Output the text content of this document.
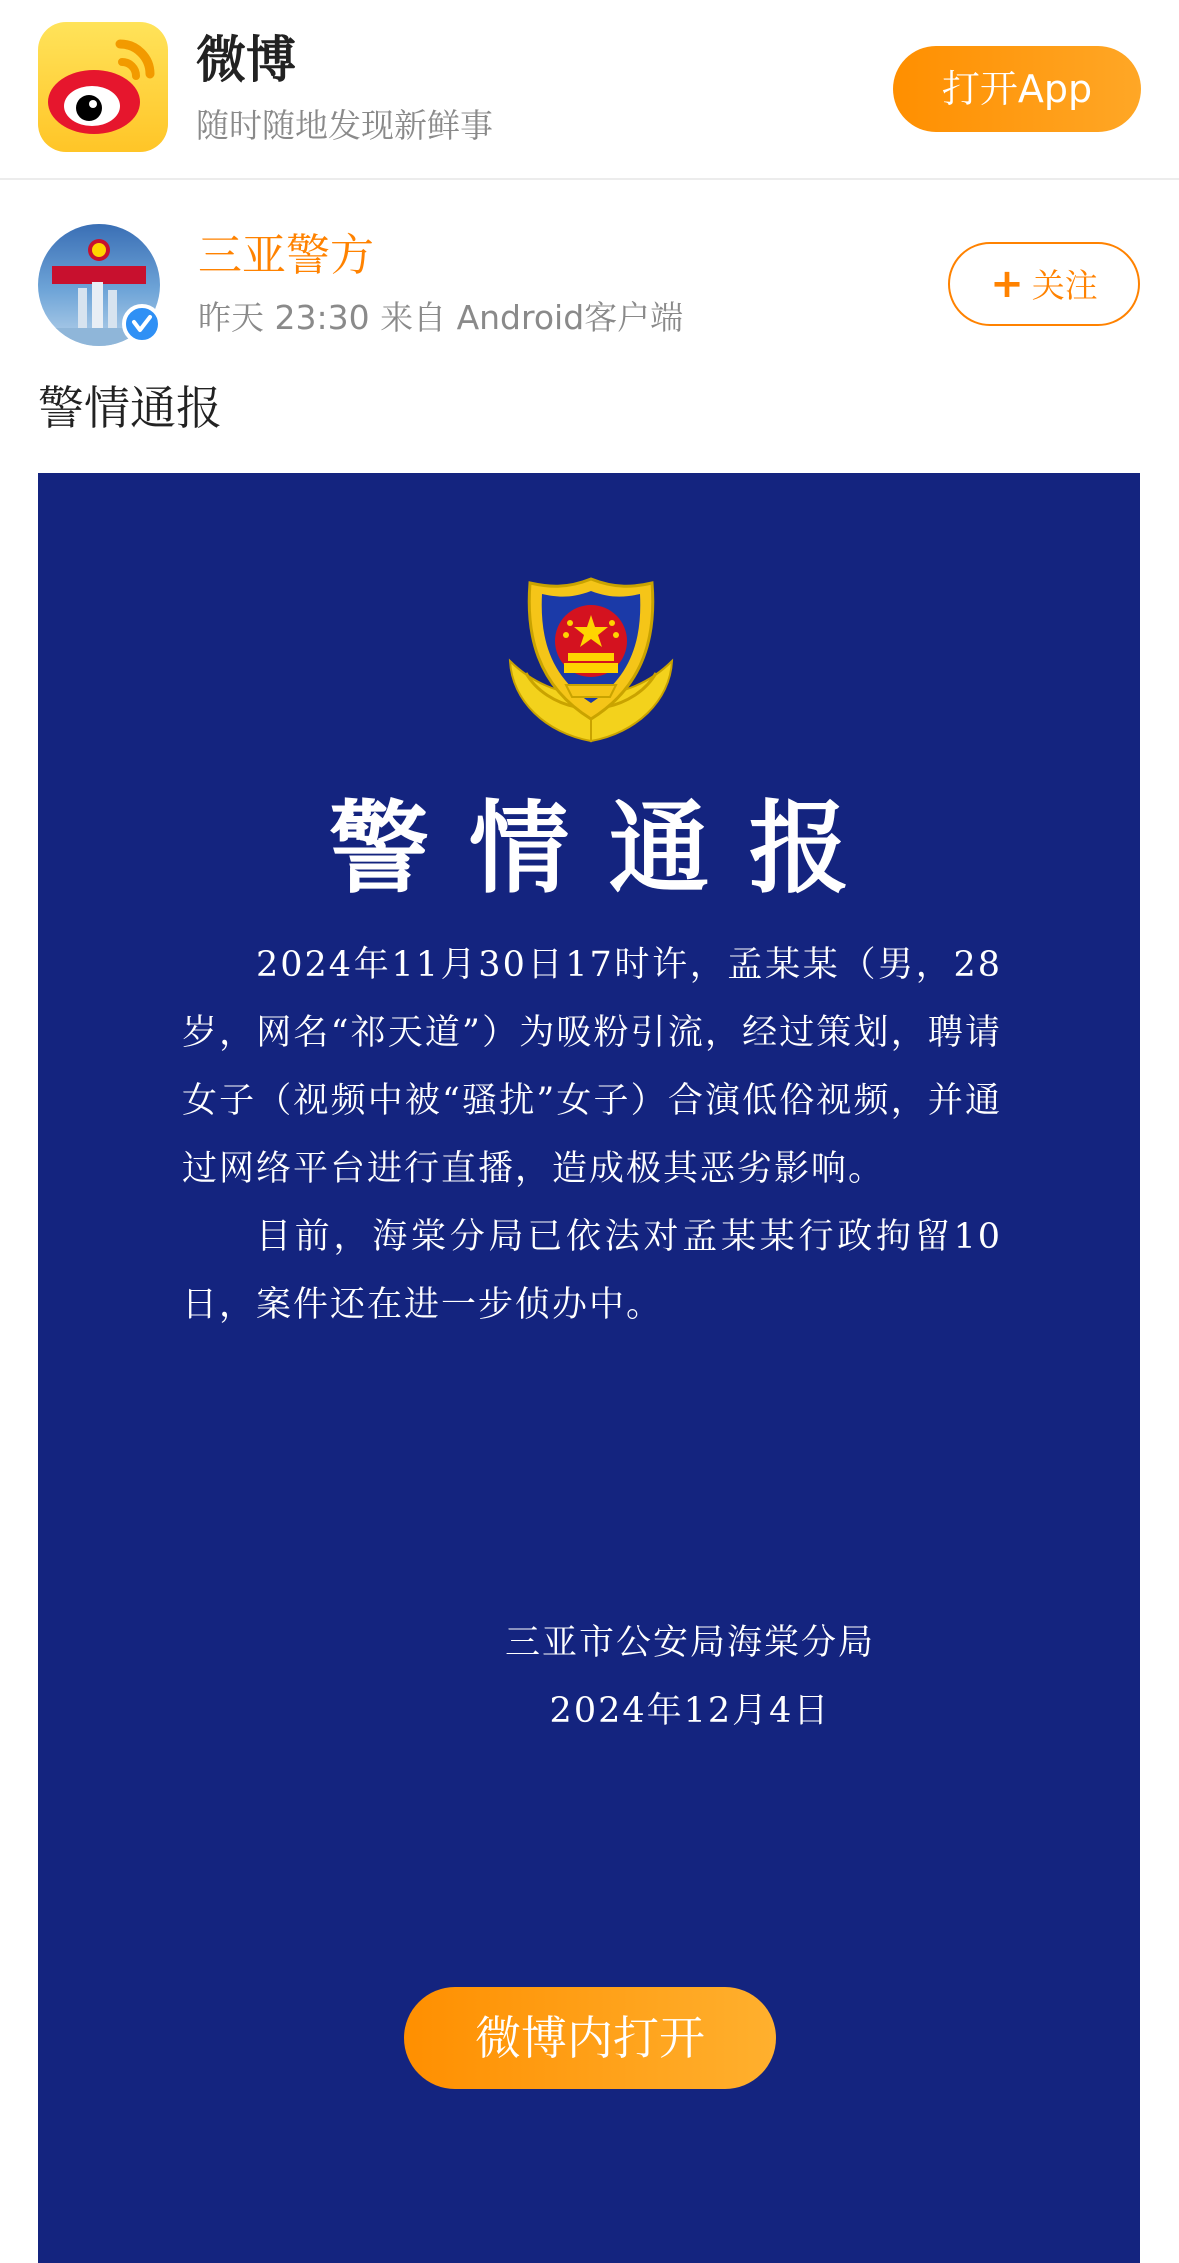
微博
随时随地发现新鲜事
打开App
三亚警方
昨天 23:30 来自 Android客户端
+ 关注
警情通报
警情通报

2024年11月30日17时许，孟某某（男，28岁，网名“祁天道”）为吸粉引流，经过策划，聘请女子（视频中被“骚扰”女子）合演低俗视频，并通过网络平台进行直播，造成极其恶劣影响。

目前，海棠分局已依法对孟某某行政拘留10日，案件还在进一步侦办中。

三亚市公安局海棠分局
2024年12月4日
微博内打开
